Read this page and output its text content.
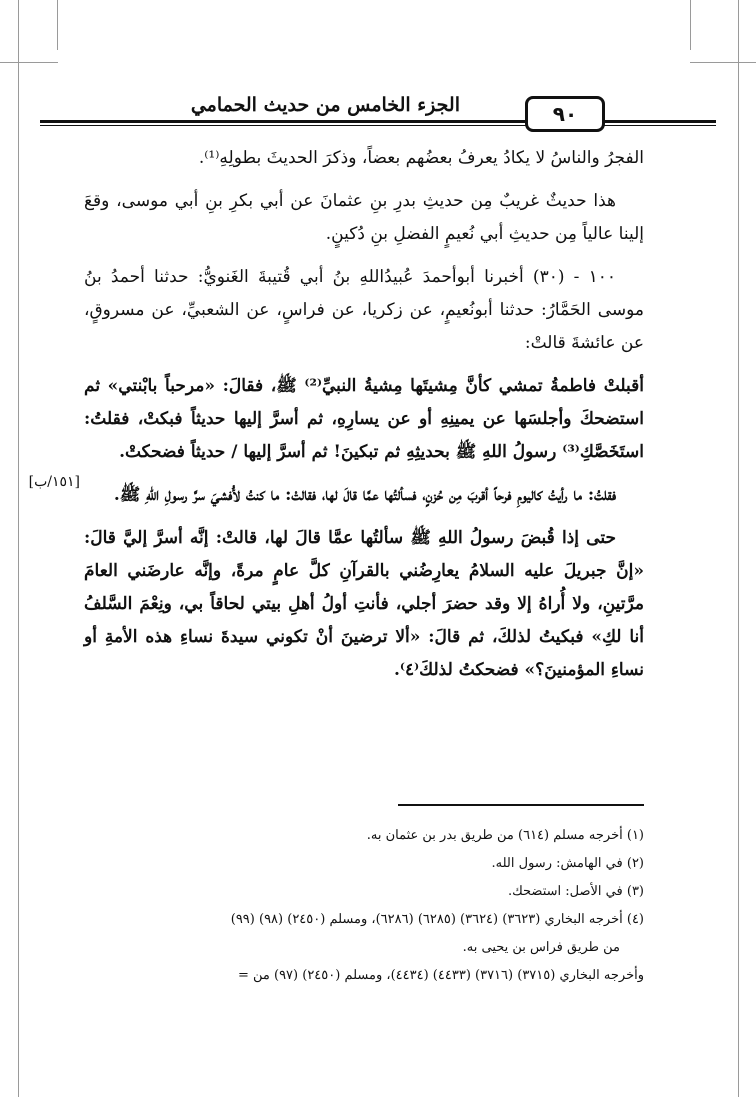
الجزء الخامس من حديث الحمامي	٩٠

الفجرُ والناسُ لا يكادُ يعرفُ بعضُهم بعضاً، وذكرَ الحديثَ بطولِهِ⁽¹⁾.

هذا حديثٌ غريبٌ مِن حديثِ بدرِ بنِ عثمانَ عن أبي بكرِ بنِ أبي موسى، وقعَ إلينا عالياً مِن حديثِ أبي نُعيمٍ الفضلِ بنِ دُكينٍ.

١٠٠ - (٣٠) أخبرنا أبوأحمدَ عُبيدُاللهِ بنُ أبي قُتيبةَ الغَنويُّ: حدثنا أحمدُ بنُ موسى الحَمَّارُ: حدثنا أبونُعيمٍ، عن زكريا، عن فراسٍ، عن الشعبيِّ، عن مسروقٍ، عن عائشةَ قالتْ:

أقبلتْ فاطمةُ تمشي كأنَّ مِشيتَها مِشيةُ النبيِّ⁽²⁾ ﷺ، فقالَ: «مرحباً بابْنتي» ثم استضحكَ وأجلسَها عن يمينِهِ أو عن يسارِهِ، ثم أسرَّ إليها حديثاً فبكتْ، فقلتُ: استَخَصَّكِ⁽³⁾ رسولُ اللهِ ﷺ بحديثِهِ ثم تبكينَ! ثم أسرَّ إليها / حديثاً فضحكتْ.

فقلتُ: ما رأيتُ كاليومِ فرحاً أقربَ مِن حُزنٍ، فسألتُها عمَّا قالَ لها، فقالتْ: ما كنتُ لأُفشيَ سرَّ رسولِ اللهِ ﷺ.

حتى إذا قُبضَ رسولُ اللهِ ﷺ سألتُها عمَّا قالَ لها، قالتْ: إنَّه أسرَّ إليَّ قالَ: «إنَّ جبريلَ عليه السلامُ يعارِضُني بالقرآنِ كلَّ عامٍ مرةً، وإنَّه عارضَني العامَ مرَّتينِ، ولا أُراهُ إلا وقد حضرَ أجلي، فأنتِ أولُ أهلِ بيتي لحاقاً بي، ونِعْمَ السَّلفُ أنا لكِ» فبكيتُ لذلكَ، ثم قالَ: «ألا ترضينَ أنْ تكوني سيدةَ نساءِ هذه الأمةِ أو نساءِ المؤمنينَ؟» فضحكتُ لذلكَ⁽٤⁾.

[١٥١/ب]
(١) أخرجه مسلم (٦١٤) من طريق بدر بن عثمان به.
(٢) في الهامش: رسول الله.
(٣) في الأصل: استضحك.
(٤) أخرجه البخاري (٣٦٢٣) (٣٦٢٤) (٦٢٨٥) (٦٢٨٦)، ومسلم (٢٤٥٠) (٩٨) (٩٩)
من طريق فراس بن يحيى به.
وأخرجه البخاري (٣٧١٥) (٣٧١٦) (٤٤٣٣) (٤٤٣٤)، ومسلم (٢٤٥٠) (٩٧) من =
